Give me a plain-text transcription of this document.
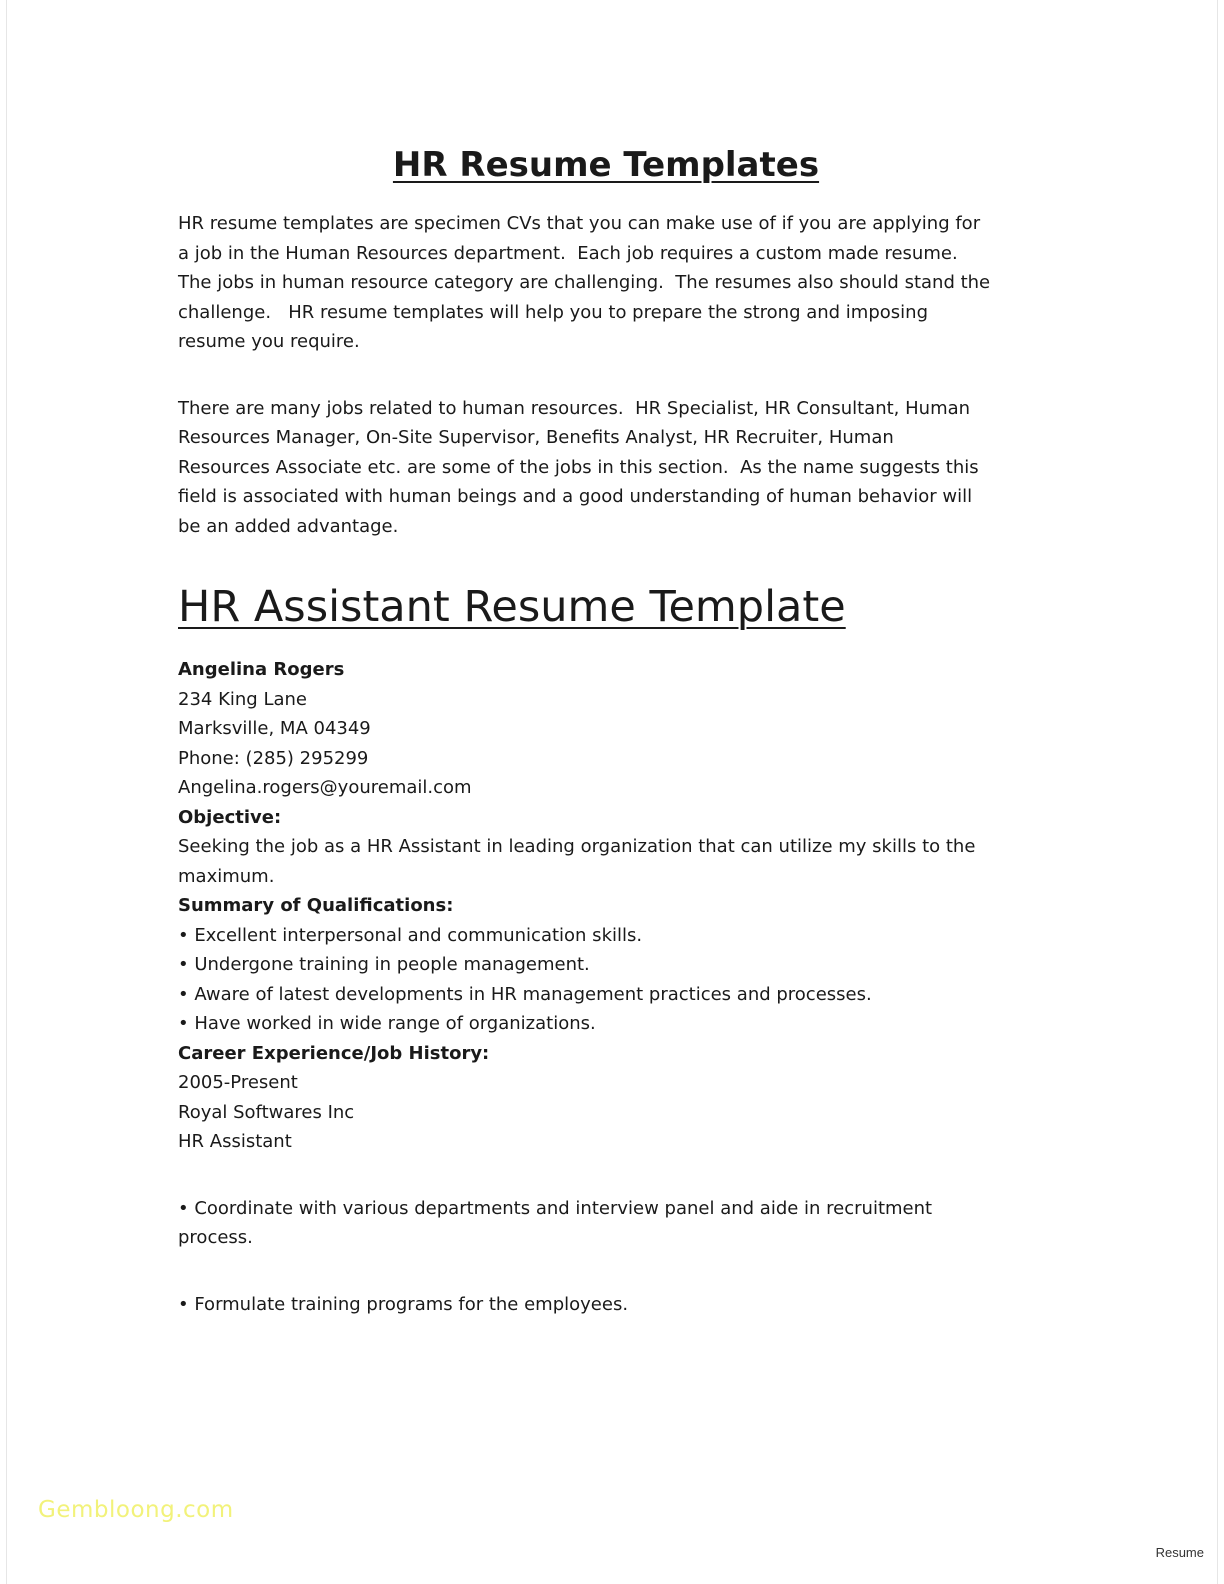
HR Resume Templates

HR resume templates are specimen CVs that you can make use of if you are applying for

a job in the Human Resources department.  Each job requires a custom made resume.

The jobs in human resource category are challenging.  The resumes also should stand the

challenge.   HR resume templates will help you to prepare the strong and imposing

resume you require.

There are many jobs related to human resources.  HR Specialist, HR Consultant, Human

Resources Manager, On-Site Supervisor, Benefits Analyst, HR Recruiter, Human

Resources Associate etc. are some of the jobs in this section.  As the name suggests this

field is associated with human beings and a good understanding of human behavior will

be an added advantage.

HR Assistant Resume Template

Angelina Rogers

234 King Lane

Marksville, MA 04349

Phone: (285) 295299

Angelina.rogers@youremail.com

Objective:

Seeking the job as a HR Assistant in leading organization that can utilize my skills to the

maximum.

Summary of Qualifications:

• Excellent interpersonal and communication skills.

• Undergone training in people management.

• Aware of latest developments in HR management practices and processes.

• Have worked in wide range of organizations.

Career Experience/Job History:

2005-Present

Royal Softwares Inc

HR Assistant

• Coordinate with various departments and interview panel and aide in recruitment

process.

• Formulate training programs for the employees.

Gembloong.com
Resume
